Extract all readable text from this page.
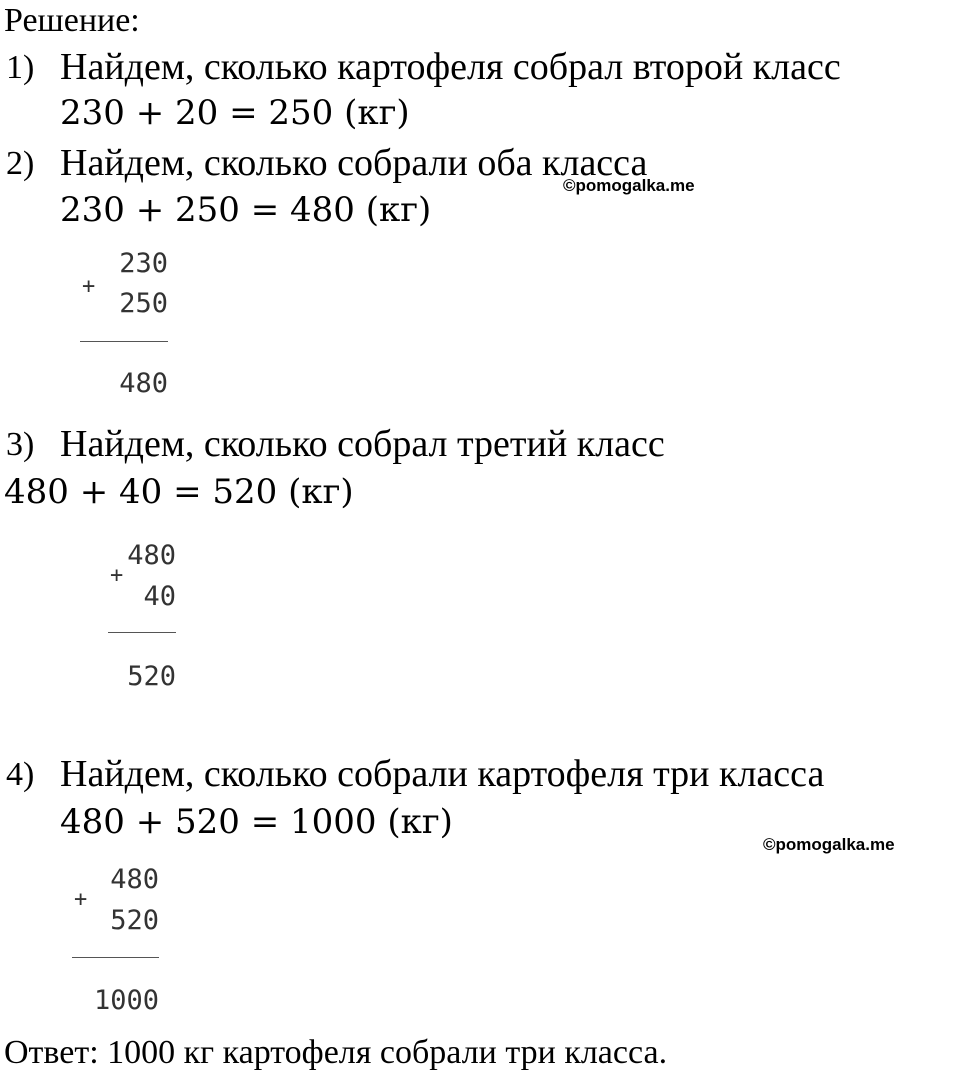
Решение:
1) Найдем, сколько картофеля собрал второй класс
230 + 20 = 250 (кг)
2) Найдем, сколько собрали оба класса
©pomogalka.me
230 + 250 = 480 (кг)
+
230
250
480
3) Найдем, сколько собрал третий класс
480 + 40 = 520 (кг)
+
480
40
520
4) Найдем, сколько собрали картофеля три класса
480 + 520 = 1000 (кг)
©pomogalka.me
+
480
520
1000
Ответ: 1000 кг картофеля собрали три класса.
